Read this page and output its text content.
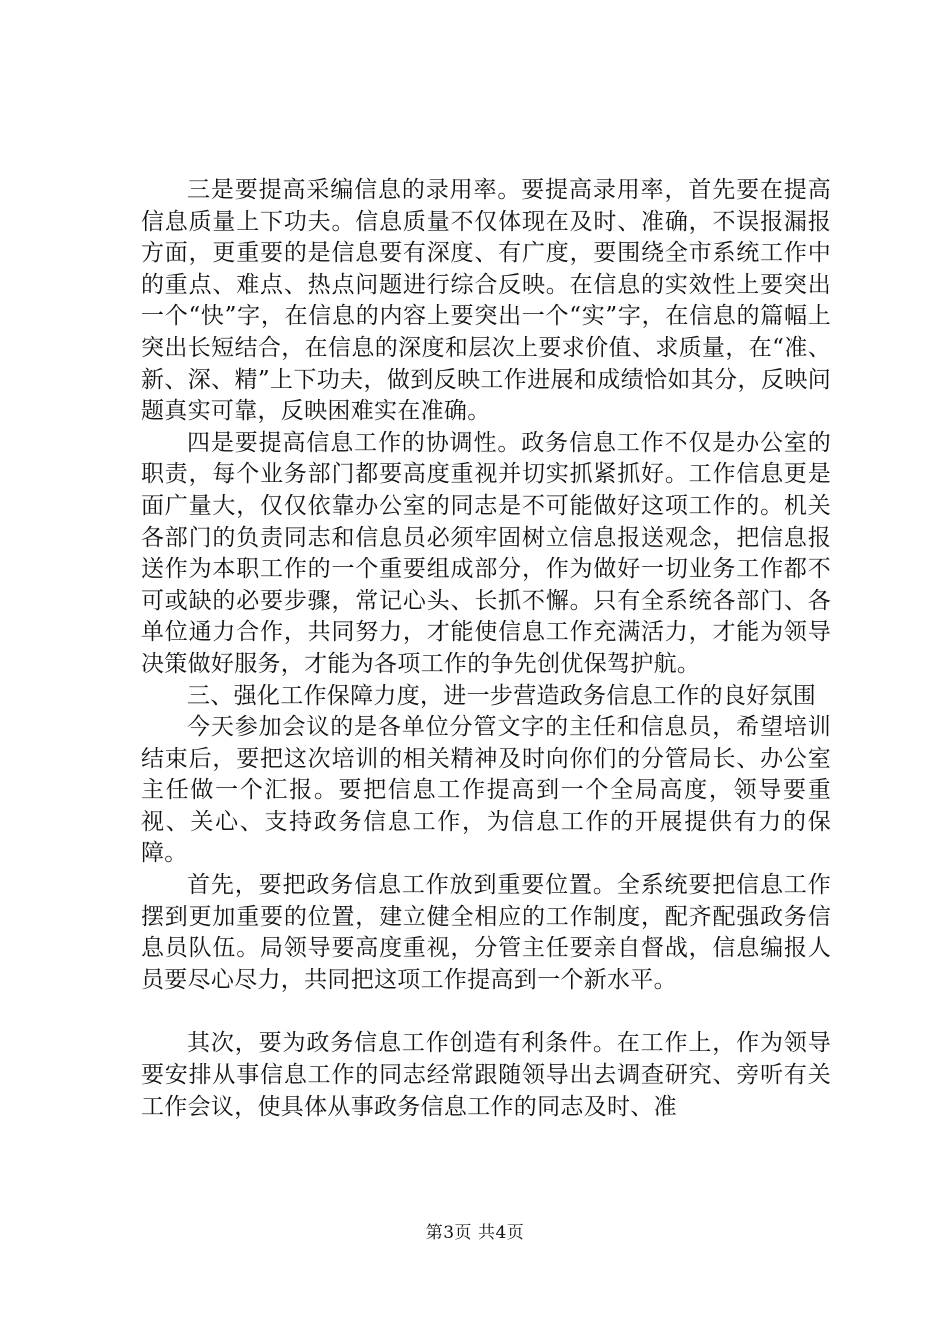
三是要提高采编信息的录用率。要提高录用率，首先要在提高信息质量上下功夫。信息质量不仅体现在及时、准确，不误报漏报方面，更重要的是信息要有深度、有广度，要围绕全市系统工作中的重点、难点、热点问题进行综合反映。在信息的实效性上要突出一个“快”字，在信息的内容上要突出一个“实”字，在信息的篇幅上突出长短结合，在信息的深度和层次上要求价值、求质量，在“准、新、深、精”上下功夫，做到反映工作进展和成绩恰如其分，反映问题真实可靠，反映困难实在准确。

四是要提高信息工作的协调性。政务信息工作不仅是办公室的职责，每个业务部门都要高度重视并切实抓紧抓好。工作信息更是面广量大，仅仅依靠办公室的同志是不可能做好这项工作的。机关各部门的负责同志和信息员必须牢固树立信息报送观念，把信息报送作为本职工作的一个重要组成部分，作为做好一切业务工作都不可或缺的必要步骤，常记心头、长抓不懈。只有全系统各部门、各单位通力合作，共同努力，才能使信息工作充满活力，才能为领导决策做好服务，才能为各项工作的争先创优保驾护航。

三、强化工作保障力度，进一步营造政务信息工作的良好氛围

今天参加会议的是各单位分管文字的主任和信息员，希望培训结束后，要把这次培训的相关精神及时向你们的分管局长、办公室主任做一个汇报。要把信息工作提高到一个全局高度，领导要重视、关心、支持政务信息工作，为信息工作的开展提供有力的保障。

首先，要把政务信息工作放到重要位置。全系统要把信息工作摆到更加重要的位置，建立健全相应的工作制度，配齐配强政务信息员队伍。局领导要高度重视，分管主任要亲自督战，信息编报人员要尽心尽力，共同把这项工作提高到一个新水平。

其次，要为政务信息工作创造有利条件。在工作上，作为领导要安排从事信息工作的同志经常跟随领导出去调查研究、旁听有关工作会议，使具体从事政务信息工作的同志及时、准

第3页 共4页
